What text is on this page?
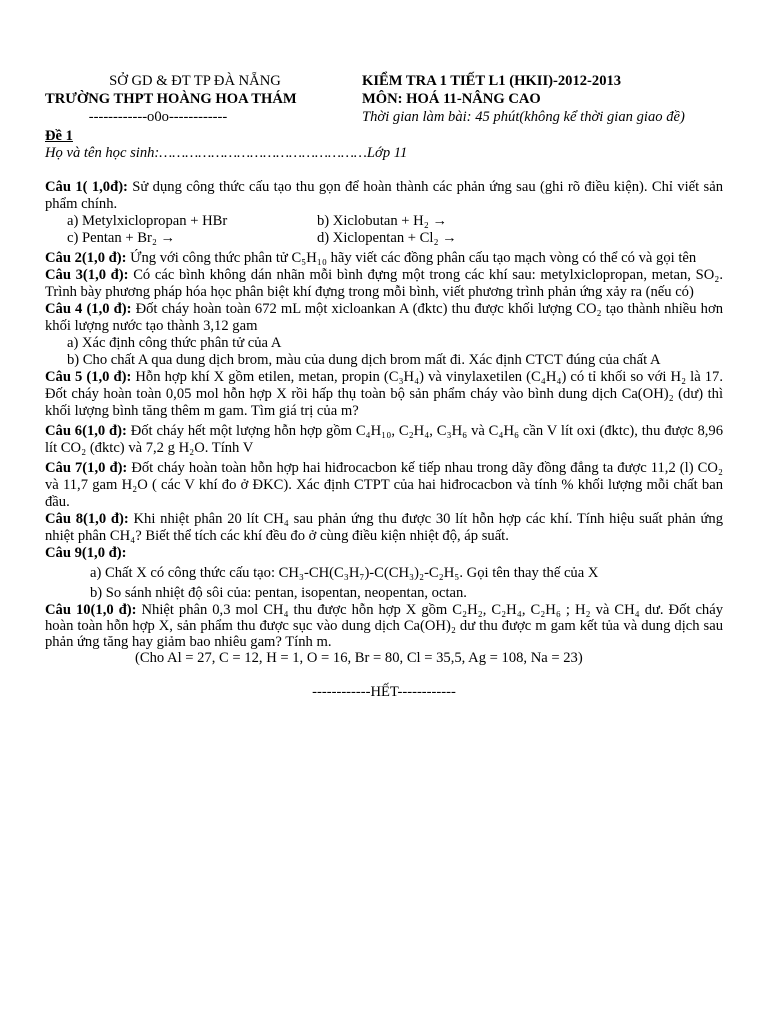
SỞ GD & ĐT TP ĐÀ NẴNG
TRƯỜNG THPT HOÀNG HOA THÁM
------------o0o------------
KIỂM TRA 1 TIẾT L1 (HKII)-2012-2013
MÔN: HOÁ 11-NÂNG CAO
Thời gian làm bài: 45 phút(không kể thời gian giao đề)

Đề 1

Họ và tên học sinh:…………………………………………Lớp 11

Câu 1( 1,0đ): Sử dụng công thức cấu tạo thu gọn để hoàn thành các phản ứng sau (ghi rõ điều kiện). Chỉ viết sản phẩm chính.

a) Metylxiclopropan + HBr	b) Xiclobutan + H₂ →
c) Pentan + Br₂ →	d) Xiclopentan + Cl₂ →

Câu 2(1,0 đ): Ứng với công thức phân tử C₅H₁₀ hãy viết các đồng phân cấu tạo mạch vòng có thể có và gọi tên

Câu 3(1,0 đ): Có các bình không dán nhãn mỗi bình đựng một trong các khí sau: metylxiclopropan, metan, SO₂. Trình bày phương pháp hóa học phân biệt khí đựng trong mỗi bình, viết phương trình phản ứng xảy ra (nếu có)

Câu 4 (1,0 đ): Đốt cháy hoàn toàn 672 mL một xicloankan A (đktc) thu được khối lượng CO₂ tạo thành nhiều hơn khối lượng nước tạo thành 3,12 gam

a) Xác định công thức phân tử của A

b) Cho chất A qua dung dịch brom, màu của dung dịch brom mất đi. Xác định CTCT đúng của chất A

Câu 5 (1,0 đ): Hỗn hợp khí X gồm etilen, metan, propin (C₃H₄) và vinylaxetilen (C₄H₄) có tỉ khối so với H₂ là 17. Đốt cháy hoàn toàn 0,05 mol hỗn hợp X rồi hấp thụ toàn bộ sản phẩm cháy vào bình dung dịch Ca(OH)₂ (dư) thì khối lượng bình tăng thêm m gam. Tìm giá trị của m?

Câu 6(1,0 đ): Đốt cháy hết một lượng hỗn hợp gồm C₄H₁₀, C₂H₄, C₃H₆ và C₄H₆ cần V lít oxi (đktc), thu được 8,96 lít CO₂ (đktc) và 7,2 g H₂O. Tính V

Câu 7(1,0 đ): Đốt cháy hoàn toàn hỗn hợp hai hiđrocacbon kế tiếp nhau trong dãy đồng đẳng ta được 11,2 (l) CO₂ và 11,7 gam H₂O ( các V khí đo ở ĐKC). Xác định CTPT của hai hiđrocacbon và tính % khối lượng mỗi chất ban đầu.

Câu 8(1,0 đ): Khi nhiệt phân 20 lít CH₄ sau phản ứng thu được 30 lít hỗn hợp các khí. Tính hiệu suất phản ứng nhiệt phân CH₄? Biết thể tích các khí đều đo ở cùng điều kiện nhiệt độ, áp suất.

Câu 9(1,0 đ):

a) Chất X có công thức cấu tạo: CH₃-CH(C₃H₇)-C(CH₃)₂-C₂H₅. Gọi tên thay thế của X

b) So sánh nhiệt độ sôi của: pentan, isopentan, neopentan, octan.

Câu 10(1,0 đ): Nhiệt phân 0,3 mol CH₄ thu được hỗn hợp X gồm C₂H₂, C₂H₄, C₂H₆ ; H₂ và CH₄ dư. Đốt cháy hoàn toàn hỗn hợp X, sản phẩm thu được sục vào dung dịch Ca(OH)₂ dư thu được m gam kết tủa và dung dịch sau phản ứng tăng hay giảm bao nhiêu gam? Tính m.

(Cho Al = 27, C = 12, H = 1, O = 16, Br = 80, Cl = 35,5, Ag = 108, Na = 23)

------------HẾT------------
